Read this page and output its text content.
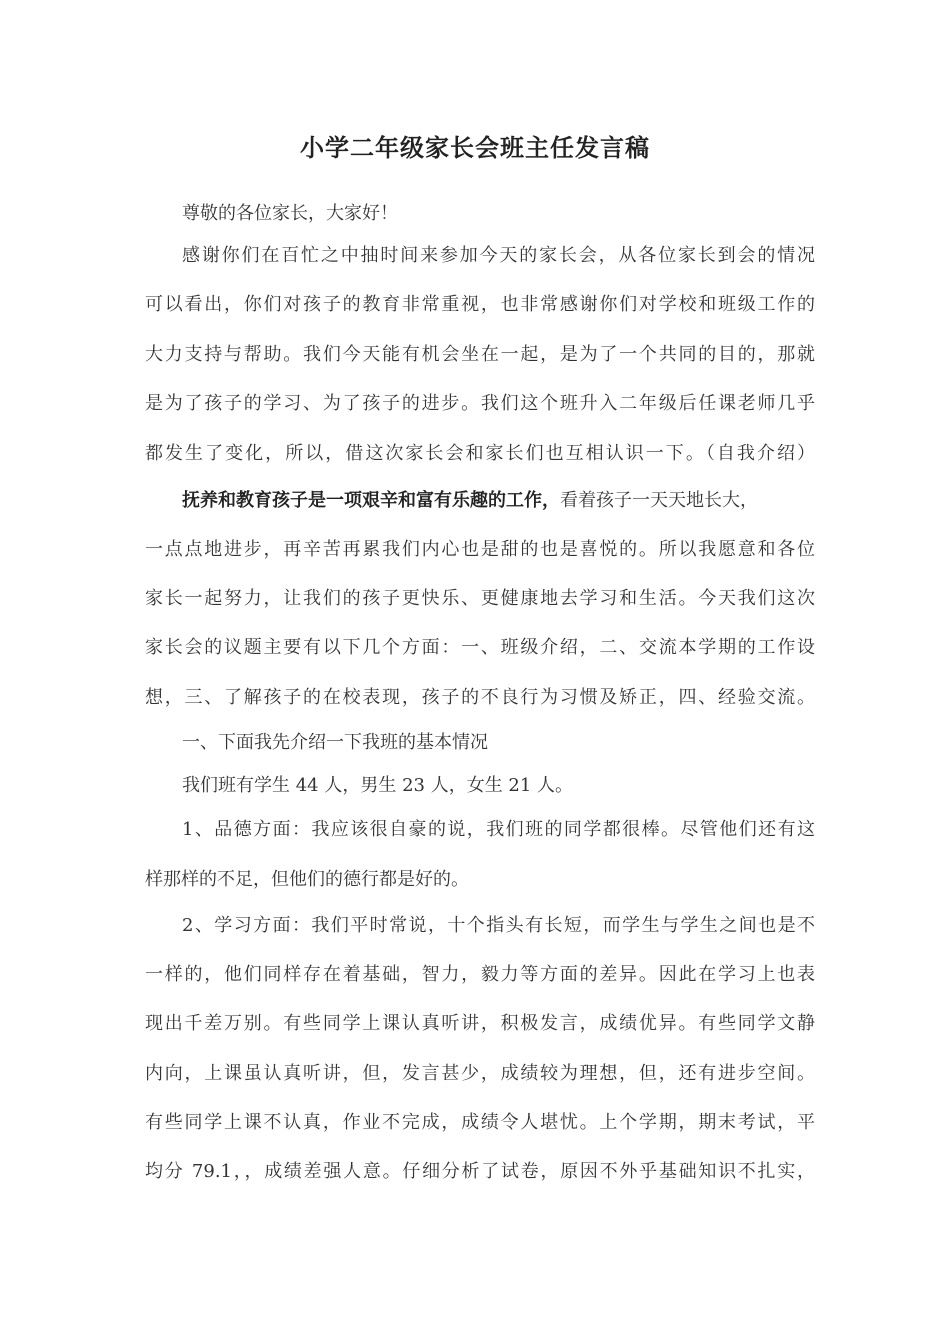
小学二年级家长会班主任发言稿
尊敬的各位家长，大家好！
感谢你们在百忙之中抽时间来参加今天的家长会，从各位家长到会的情况
可以看出，你们对孩子的教育非常重视，也非常感谢你们对学校和班级工作的
大力支持与帮助。我们今天能有机会坐在一起，是为了一个共同的目的，那就
是为了孩子的学习、为了孩子的进步。我们这个班升入二年级后任课老师几乎
都发生了变化，所以，借这次家长会和家长们也互相认识一下。（自我介绍）
抚养和教育孩子是一项艰辛和富有乐趣的工作，看着孩子一天天地长大，
一点点地进步，再辛苦再累我们内心也是甜的也是喜悦的。所以我愿意和各位
家长一起努力，让我们的孩子更快乐、更健康地去学习和生活。今天我们这次
家长会的议题主要有以下几个方面：一、班级介绍，二、交流本学期的工作设
想，三、了解孩子的在校表现，孩子的不良行为习惯及矫正，四、经验交流。
一、下面我先介绍一下我班的基本情况
我们班有学生 44 人，男生 23 人，女生 21 人。
1、品德方面：我应该很自豪的说，我们班的同学都很棒。尽管他们还有这
样那样的不足，但他们的德行都是好的。
2、学习方面：我们平时常说，十个指头有长短，而学生与学生之间也是不
一样的，他们同样存在着基础，智力，毅力等方面的差异。因此在学习上也表
现出千差万别。有些同学上课认真听讲，积极发言，成绩优异。有些同学文静
内向，上课虽认真听讲，但，发言甚少，成绩较为理想，但，还有进步空间。
有些同学上课不认真，作业不完成，成绩令人堪忧。上个学期，期末考试，平
均分 79.1，，成绩差强人意。仔细分析了试卷，原因不外乎基础知识不扎实，
